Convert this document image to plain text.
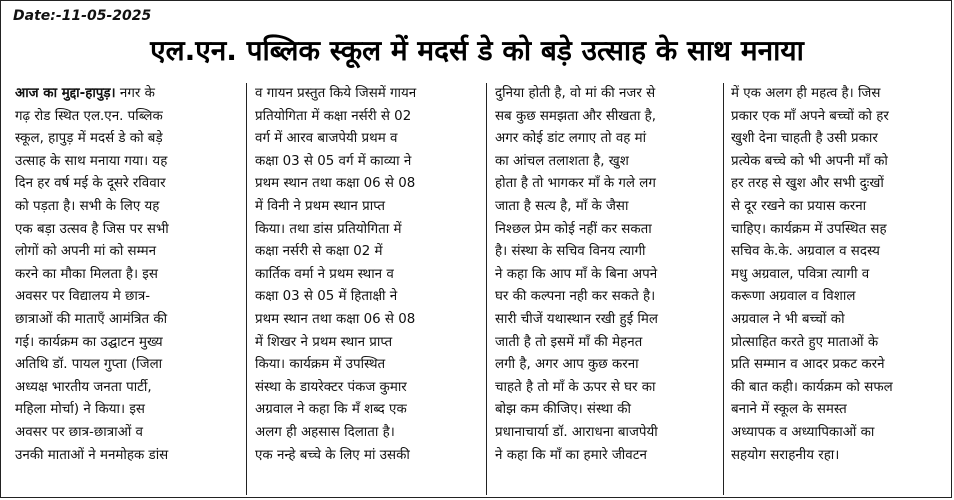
Date:-11-05-2025
एल.एन. पब्लिक स्कूल में मदर्स डे को बड़े उत्साह के साथ मनाया
आज का मुद्दा-हापुड़। नगर के
गढ़ रोड स्थित एल.एन. पब्लिक
स्कूल, हापुड़ में मदर्स डे को बड़े
उत्साह के साथ मनाया गया। यह
दिन हर वर्ष मई के दूसरे रविवार
को पड़ता है। सभी के लिए यह
एक बड़ा उत्सव है जिस पर सभी
लोगों को अपनी मां को सम्मन
करने का मौका मिलता है। इस
अवसर पर विद्यालय मे छात्र-
छात्राओं की माताएँ आमंत्रित की
गई। कार्यक्रम का उद्घाटन मुख्य
अतिथि डॉ. पायल गुप्ता (जिला
अध्यक्ष भारतीय जनता पार्टी,
महिला मोर्चा) ने किया। इस
अवसर पर छात्र-छात्राओं व
उनकी माताओं ने मनमोहक डांस
व गायन प्रस्तुत किये जिसमें गायन
प्रतियोगिता में कक्षा नर्सरी से 02
वर्ग में आरव बाजपेयी प्रथम व
कक्षा 03 से 05 वर्ग में काव्या ने
प्रथम स्थान तथा कक्षा 06 से 08
में विनी ने प्रथम स्थान प्राप्त
किया। तथा डांस प्रतियोगिता में
कक्षा नर्सरी से कक्षा 02 में
कार्तिक वर्मा ने प्रथम स्थान व
कक्षा 03 से 05 में हिताक्षी ने
प्रथम स्थान तथा कक्षा 06 से 08
में शिखर ने प्रथम स्थान प्राप्त
किया। कार्यक्रम में उपस्थित
संस्था के डायरेक्टर पंकज कुमार
अग्रवाल ने कहा कि मँ शब्द एक
अलग ही अहसास दिलाता है।
एक नन्हे बच्चे के लिए मां उसकी
दुनिया होती है, वो मां की नजर से
सब कुछ समझता और सीखता है,
अगर कोई डांट लगाए तो वह मां
का आंचल तलाशता है, खुश
होता है तो भागकर माँ के गले लग
जाता है सत्य है, माँ के जैसा
निश्छल प्रेम कोई नहीं कर सकता
है। संस्था के सचिव विनय त्यागी
ने कहा कि आप माँ के बिना अपने
घर की कल्पना नही कर सकते है।
सारी चीजें यथास्थान रखी हुई मिल
जाती है तो इसमें माँ की मेहनत
लगी है, अगर आप कुछ करना
चाहते है तो माँ के ऊपर से घर का
बोझ कम कीजिए। संस्था की
प्रधानाचार्या डॉ. आराधना बाजपेयी
ने कहा कि माँ का हमारे जीवटन
में एक अलग ही महत्व है। जिस
प्रकार एक माँ अपने बच्चों को हर
खुशी देना चाहती है उसी प्रकार
प्रत्येक बच्चे को भी अपनी माँ को
हर तरह से खुश और सभी दुःखों
से दूर रखने का प्रयास करना
चाहिए। कार्यक्रम में उपस्थित सह
सचिव के.के. अग्रवाल व सदस्य
मधु अग्रवाल, पवित्रा त्यागी व
करूणा अग्रवाल व विशाल
अग्रवाल ने भी बच्चों को
प्रोत्साहित करते हुए माताओं के
प्रति सम्मान व आदर प्रकट करने
की बात कही। कार्यक्रम को सफल
बनाने में स्कूल के समस्त
अध्यापक व अध्यापिकाओं का
सहयोग सराहनीय रहा।
